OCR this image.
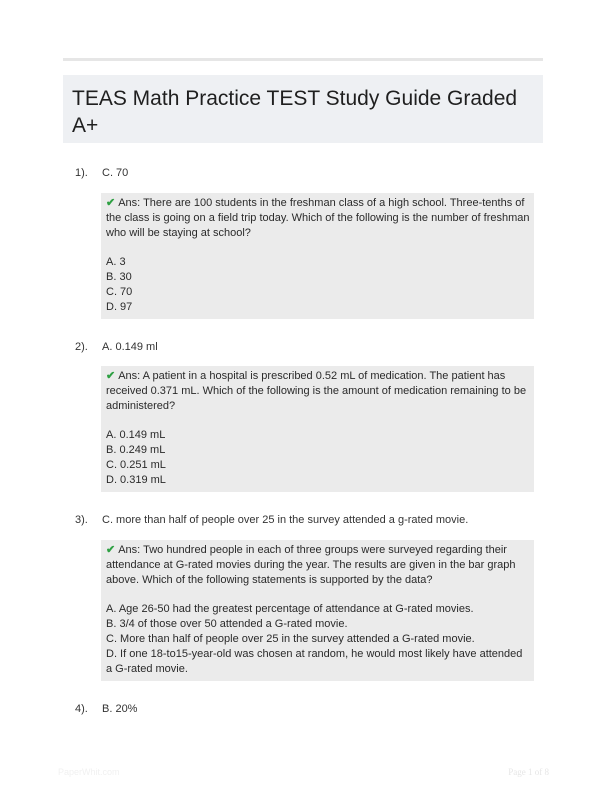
TEAS Math Practice TEST Study Guide Graded A+
1). C. 70
✔ Ans: There are 100 students in the freshman class of a high school. Three-tenths of the class is going on a field trip today. Which of the following is the number of freshman who will be staying at school?
A. 3
B. 30
C. 70
D. 97
2). A. 0.149 ml
✔ Ans: A patient in a hospital is prescribed 0.52 mL of medication. The patient has received 0.371 mL. Which of the following is the amount of medication remaining to be administered?
A. 0.149 mL
B. 0.249 mL
C. 0.251 mL
D. 0.319 mL
3). C. more than half of people over 25 in the survey attended a g-rated movie.
✔ Ans: Two hundred people in each of three groups were surveyed regarding their attendance at G-rated movies during the year. The results are given in the bar graph above. Which of the following statements is supported by the data?
A. Age 26-50 had the greatest percentage of attendance at G-rated movies.
B. 3/4 of those over 50 attended a G-rated movie.
C. More than half of people over 25 in the survey attended a G-rated movie.
D. If one 18-to15-year-old was chosen at random, he would most likely have attended a G-rated movie.
4). B. 20%
PaperWhit.com	Page 1 of 8
